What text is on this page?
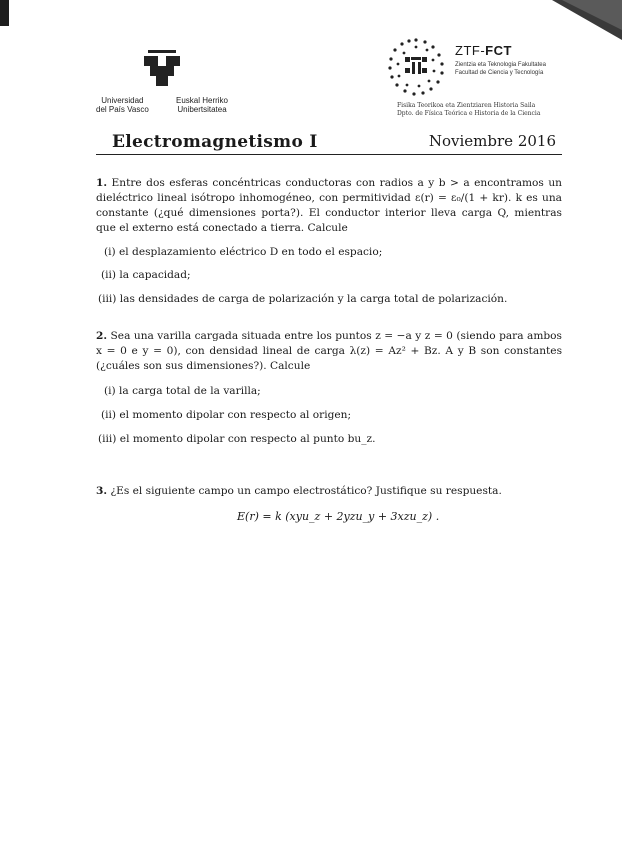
Universidad
del País Vasco
Euskal Herriko
Unibertsitatea
ZTF-FCT
Zientzia eta Teknologia Fakultatea
Facultad de Ciencia y Tecnología
Fisika Teorikoa eta Zientziaren Historia Saila
Dpto. de Física Teórica e Historia de la Ciencia
Electromagnetismo I	Noviembre 2016
1. Entre dos esferas concéntricas conductoras con radios a y b > a encontramos un dieléctrico lineal isótropo inhomogéneo, con permitividad ε(r) = ε₀/(1 + kr). k es una constante (¿qué dimensiones porta?). El conductor interior lleva carga Q, mientras que el externo está conectado a tierra. Calcule
(i) el desplazamiento eléctrico D en todo el espacio;
(ii) la capacidad;
(iii) las densidades de carga de polarización y la carga total de polarización.
2. Sea una varilla cargada situada entre los puntos z = −a y z = 0 (siendo para ambos x = 0 e y = 0), con densidad lineal de carga λ(z) = Az² + Bz. A y B son constantes (¿cuáles son sus dimensiones?). Calcule
(i) la carga total de la varilla;
(ii) el momento dipolar con respecto al origen;
(iii) el momento dipolar con respecto al punto bu_z.
3. ¿Es el siguiente campo un campo electrostático? Justifique su respuesta.
E(r) = k (xyu_z + 2yzu_y + 3xzu_z) .
